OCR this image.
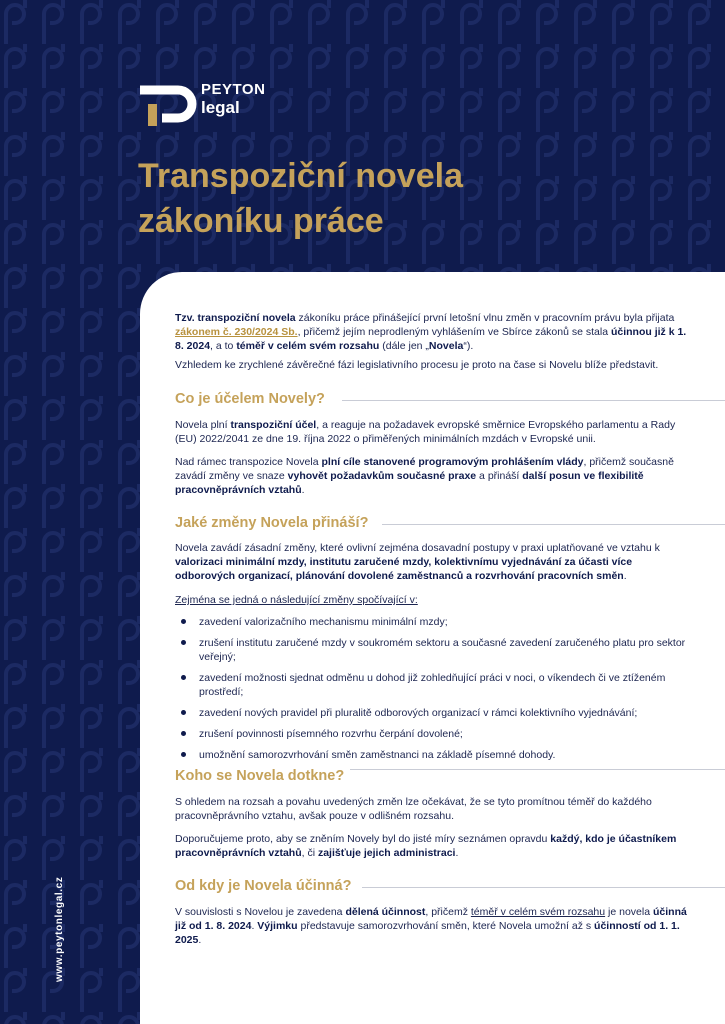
PEYTON
legal
Transpoziční novela
zákoníku práce
www.peytonlegal.cz

Tzv. transpoziční novela zákoníku práce přinášející první letošní vlnu změn v pracovním právu byla přijata zákonem č. 230/2024 Sb., přičemž jejím neprodleným vyhlášením ve Sbírce zákonů se stala účinnou již k 1. 8. 2024, a to téměř v celém svém rozsahu (dále jen „Novela“).

Vzhledem ke zrychlené závěrečné fázi legislativního procesu je proto na čase si Novelu blíže představit.
Co je účelem Novely?

Novela plní transpoziční účel, a reaguje na požadavek evropské směrnice Evropského parlamentu a Rady (EU) 2022/2041 ze dne 19. října 2022 o přiměřených minimálních mzdách v Evropské unii.

Nad rámec transpozice Novela plní cíle stanovené programovým prohlášením vlády, přičemž současně zavádí změny ve snaze vyhovět požadavkům současné praxe a přináší další posun ve flexibilitě pracovněprávních vztahů.

Jaké změny Novela přináší?

Novela zavádí zásadní změny, které ovlivní zejména dosavadní postupy v praxi uplatňované ve vztahu k valorizaci minimální mzdy, institutu zaručené mzdy, kolektivnímu vyjednávání za účasti více odborových organizací, plánování dovolené zaměstnanců a rozvrhování pracovních směn.

Zejména se jedná o následující změny spočívající v:
zavedení valorizačního mechanismu minimální mzdy;
zrušení institutu zaručené mzdy v soukromém sektoru a současné zavedení zaručeného platu pro sektor veřejný;
zavedení možnosti sjednat odměnu u dohod již zohledňující práci v noci, o víkendech či ve ztíženém prostředí;
zavedení nových pravidel při pluralitě odborových organizací v rámci kolektivního vyjednávání;
zrušení povinnosti písemného rozvrhu čerpání dovolené;
umožnění samorozvrhování směn zaměstnanci na základě písemné dohody.
Koho se Novela dotkne?
S ohledem na rozsah a povahu uvedených změn lze očekávat, že se tyto promítnou téměř do každého pracovněprávního vztahu, avšak pouze v odlišném rozsahu.

Doporučujeme proto, aby se zněním Novely byl do jisté míry seznámen opravdu každý, kdo je účastníkem pracovněprávních vztahů, či zajišťuje jejich administraci.

Od kdy je Novela účinná?

V souvislosti s Novelou je zavedena dělená účinnost, přičemž téměř v celém svém rozsahu je novela účinná již od 1. 8. 2024. Výjimku představuje samorozvrhování směn, které Novela umožní až s účinností od 1. 1. 2025.
